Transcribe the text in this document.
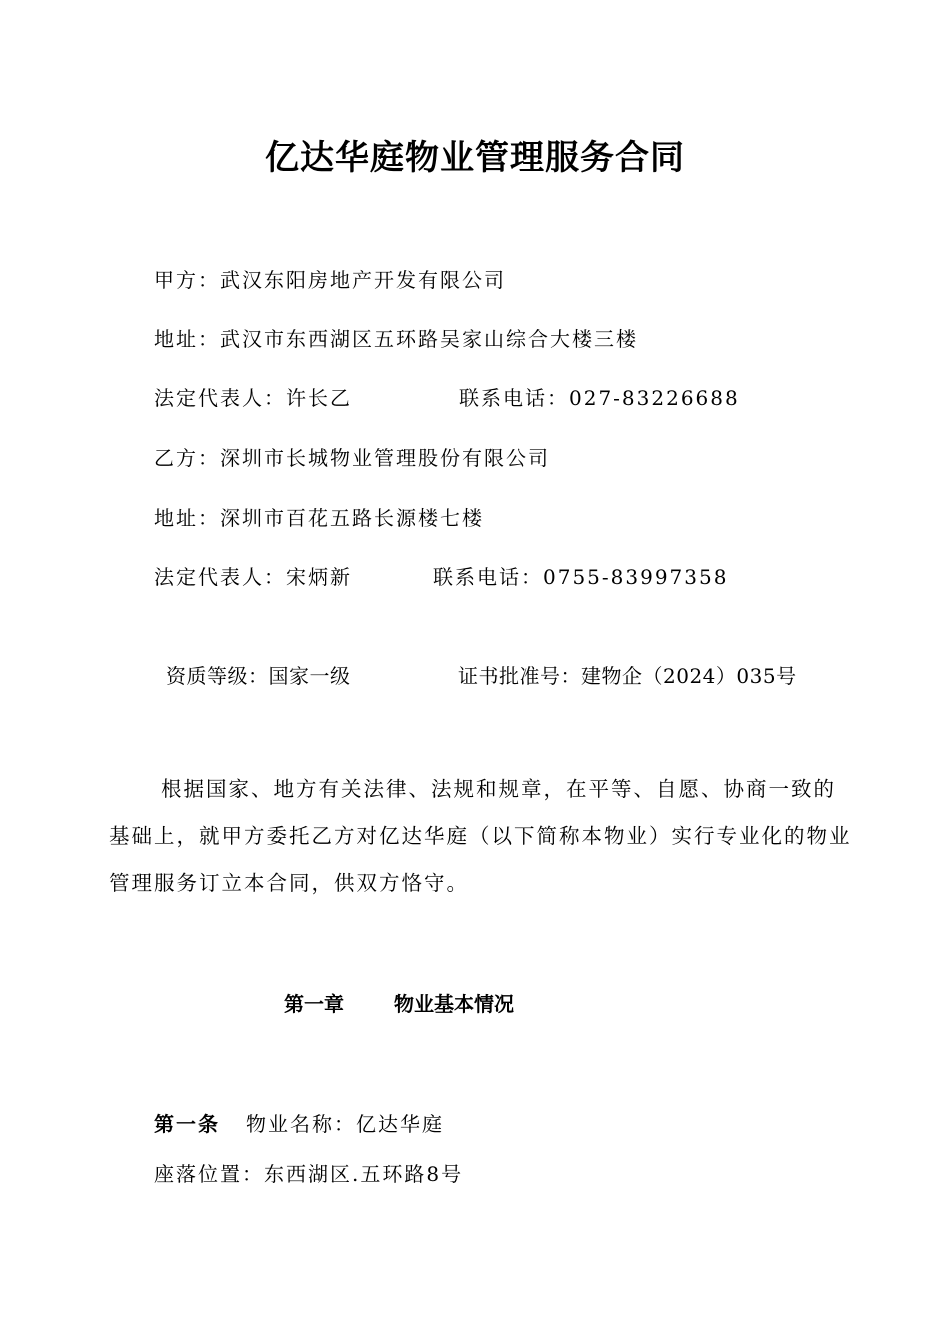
亿达华庭物业管理服务合同
甲方：武汉东阳房地产开发有限公司
地址：武汉市东西湖区五环路吴家山综合大楼三楼
法定代表人：许长乙	联系电话：027-83226688
乙方：深圳市长城物业管理股份有限公司
地址：深圳市百花五路长源楼七楼
法定代表人：宋炳新	联系电话：0755-83997358
资质等级：国家一级	证书批准号：建物企（2024）035号
根据国家、地方有关法律、法规和规章，在平等、自愿、协商一致的基础上，就甲方委托乙方对亿达华庭（以下简称本物业）实行专业化的物业管理服务订立本合同，供双方恪守。
第一章	物业基本情况
第一条 物业名称：亿达华庭
座落位置：东西湖区.五环路8号
